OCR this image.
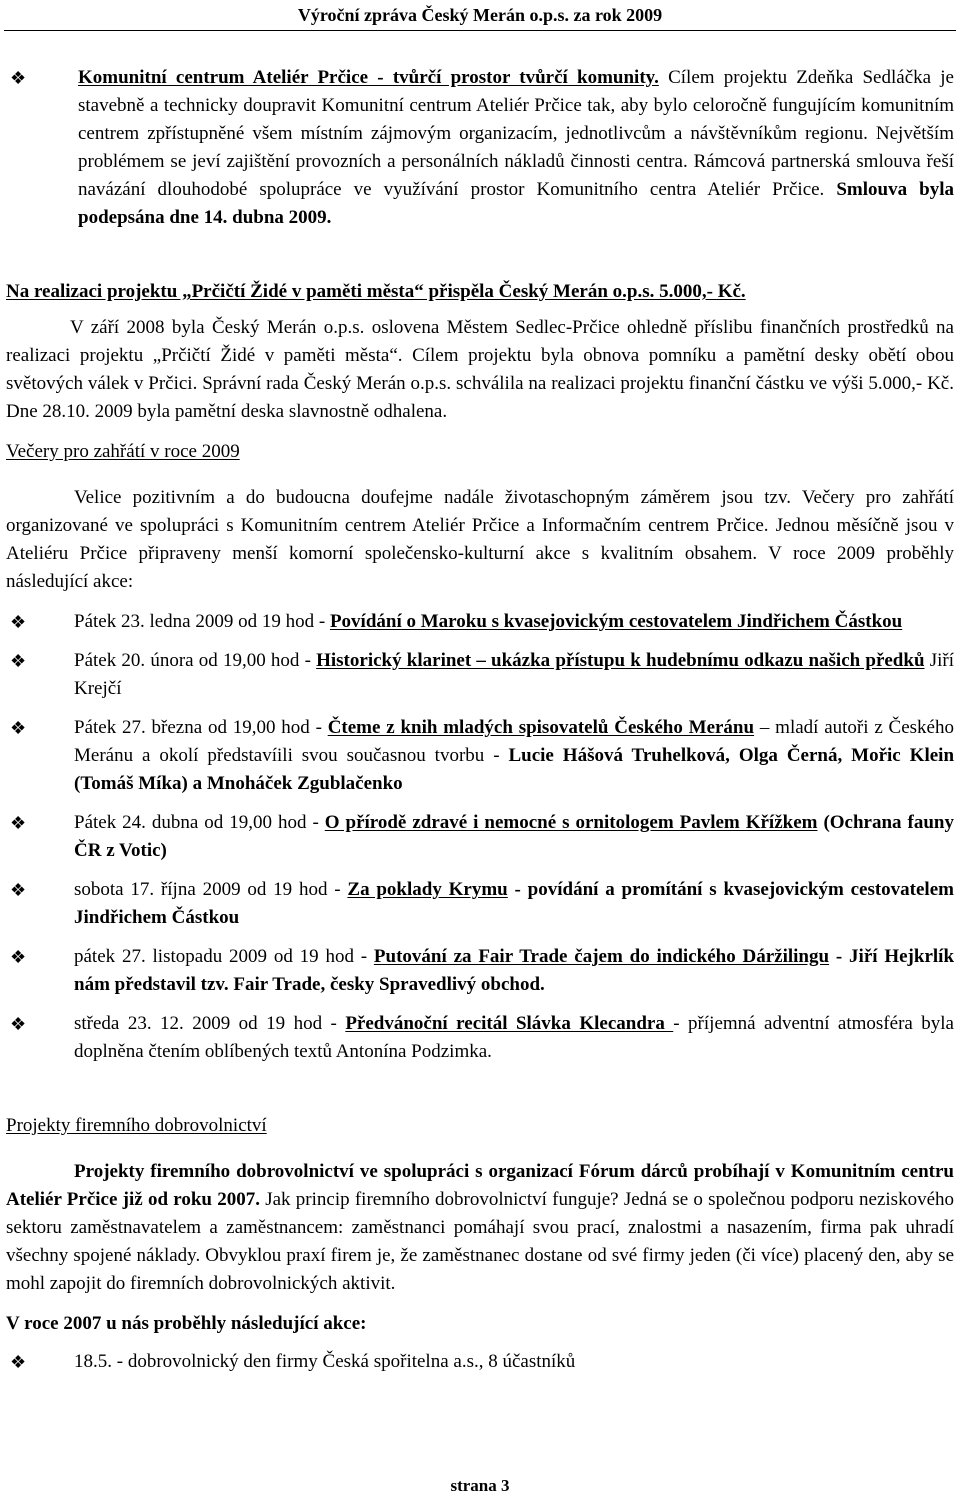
Výroční zpráva Český Merán o.p.s. za rok 2009
❖	Komunitní centrum Ateliér Prčice - tvůrčí prostor tvůrčí komunity. Cílem projektu Zdeňka Sedláčka je stavebně a technicky doupravit Komunitní centrum Ateliér Prčice tak, aby bylo celoročně fungujícím komunitním centrem zpřístupněné všem místním zájmovým organizacím, jednotlivcům a návštěvníkům regionu. Největším problémem se jeví zajištění provozních a personálních nákladů činnosti centra. Rámcová partnerská smlouva řeší navázání dlouhodobé spolupráce ve využívání prostor Komunitního centra Ateliér Prčice. Smlouva byla podepsána dne 14. dubna 2009.

Na realizaci projektu „Prčičtí Židé v paměti města“ přispěla Český Merán o.p.s. 5.000,- Kč.

V září 2008 byla Český Merán o.p.s. oslovena Městem Sedlec-Prčice ohledně příslibu finančních prostředků na realizaci projektu „Prčičtí Židé v paměti města“. Cílem projektu byla obnova pomníku a pamětní desky obětí obou světových válek v Prčici. Správní rada Český Merán o.p.s. schválila na realizaci projektu finanční částku ve výši 5.000,- Kč. Dne 28.10. 2009 byla pamětní deska slavnostně odhalena.

Večery pro zahřátí v roce 2009

Velice pozitivním a do budoucna doufejme nadále životaschopným záměrem jsou tzv. Večery pro zahřátí organizované ve spolupráci s Komunitním centrem Ateliér Prčice a Informačním centrem Prčice. Jednou měsíčně jsou v Ateliéru Prčice připraveny menší komorní společensko-kulturní akce s kvalitním obsahem. V roce 2009 proběhly následující akce:

❖	Pátek 23. ledna 2009 od 19 hod - Povídání o Maroku s kvasejovickým cestovatelem Jindřichem Částkou
❖	Pátek 20. února od 19,00 hod - Historický klarinet – ukázka přístupu k hudebnímu odkazu našich předků Jiří Krejčí
❖	Pátek 27. března od 19,00 hod - Čteme z knih mladých spisovatelů Českého Meránu – mladí autoři z Českého Meránu a okolí představíili svou současnou tvorbu - Lucie Hášová Truhelková, Olga Černá, Mořic Klein (Tomáš Míka) a Mnoháček Zgublačenko
❖	Pátek 24. dubna od 19,00 hod - O přírodě zdravé i nemocné s ornitologem Pavlem Křížkem (Ochrana fauny ČR z Votic)
❖	sobota 17. října 2009 od 19 hod - Za poklady Krymu - povídání a promítání s kvasejovickým cestovatelem Jindřichem Částkou
❖	pátek 27. listopadu 2009 od 19 hod - Putování za Fair Trade čajem do indického Dáržilingu - Jiří Hejkrlík nám představil tzv. Fair Trade, česky Spravedlivý obchod.
❖	středa 23. 12. 2009 od 19 hod - Předvánoční recitál Slávka Klecandra - příjemná adventní atmosféra byla doplněna čtením oblíbených textů Antonína Podzimka.

Projekty firemního dobrovolnictví

Projekty firemního dobrovolnictví ve spolupráci s organizací Fórum dárců probíhají v Komunitním centru Ateliér Prčice již od roku 2007. Jak princip firemního dobrovolnictví funguje? Jedná se o společnou podporu neziskového sektoru zaměstnavatelem a zaměstnancem: zaměstnanci pomáhají svou prací, znalostmi a nasazením, firma pak uhradí všechny spojené náklady. Obvyklou praxí firem je, že zaměstnanec dostane od své firmy jeden (či více) placený den, aby se mohl zapojit do firemních dobrovolnických aktivit.

V roce 2007 u nás proběhly následující akce:

❖	18.5. - dobrovolnický den firmy Česká spořitelna a.s., 8 účastníků
strana 3
